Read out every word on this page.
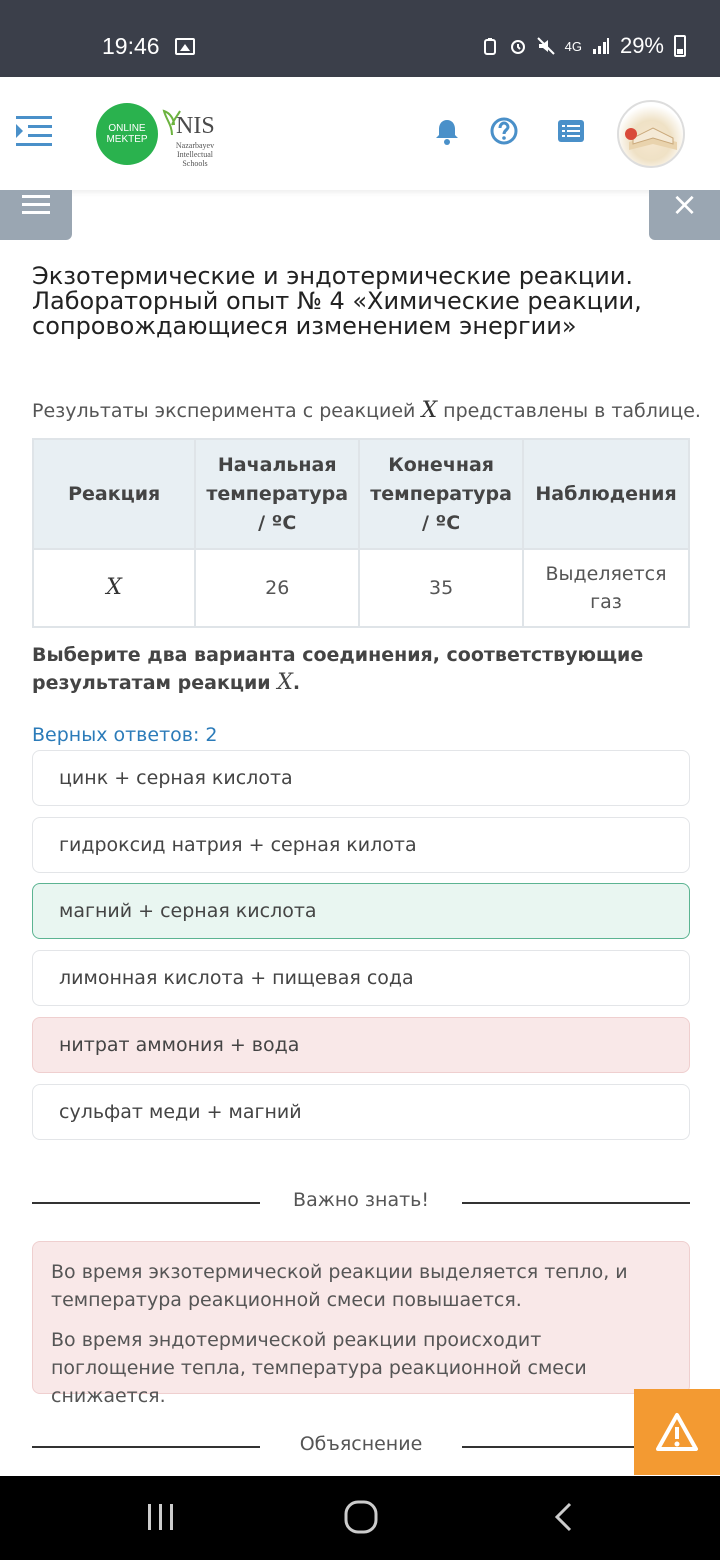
19:46	4G 29%
ONLINE
MEKTEP
NIS
Nazarbayev Intellectual Schools
×
Экзотермические и эндотермические реакции. Лабораторный опыт № 4 «Химические реакции, сопровождающиеся изменением энергии»
Результаты эксперимента с реакцией X представлены в таблице.
Реакция	Начальная температура / ºС	Конечная температура / ºС	Наблюдения
X	26	35	Выделяется газ
Выберите два варианта соединения, соответствующие результатам реакции X.
Верных ответов: 2
цинк + серная кислота
гидроксид натрия + серная килота
магний + серная кислота
лимонная кислота + пищевая сода
нитрат аммония + вода
сульфат меди + магний
Важно знать!

Во время экзотермической реакции выделяется тепло, и температура реакционной смеси повышается.

Во время эндотермической реакции происходит поглощение тепла, температура реакционной смеси снижается.

Объяснение
